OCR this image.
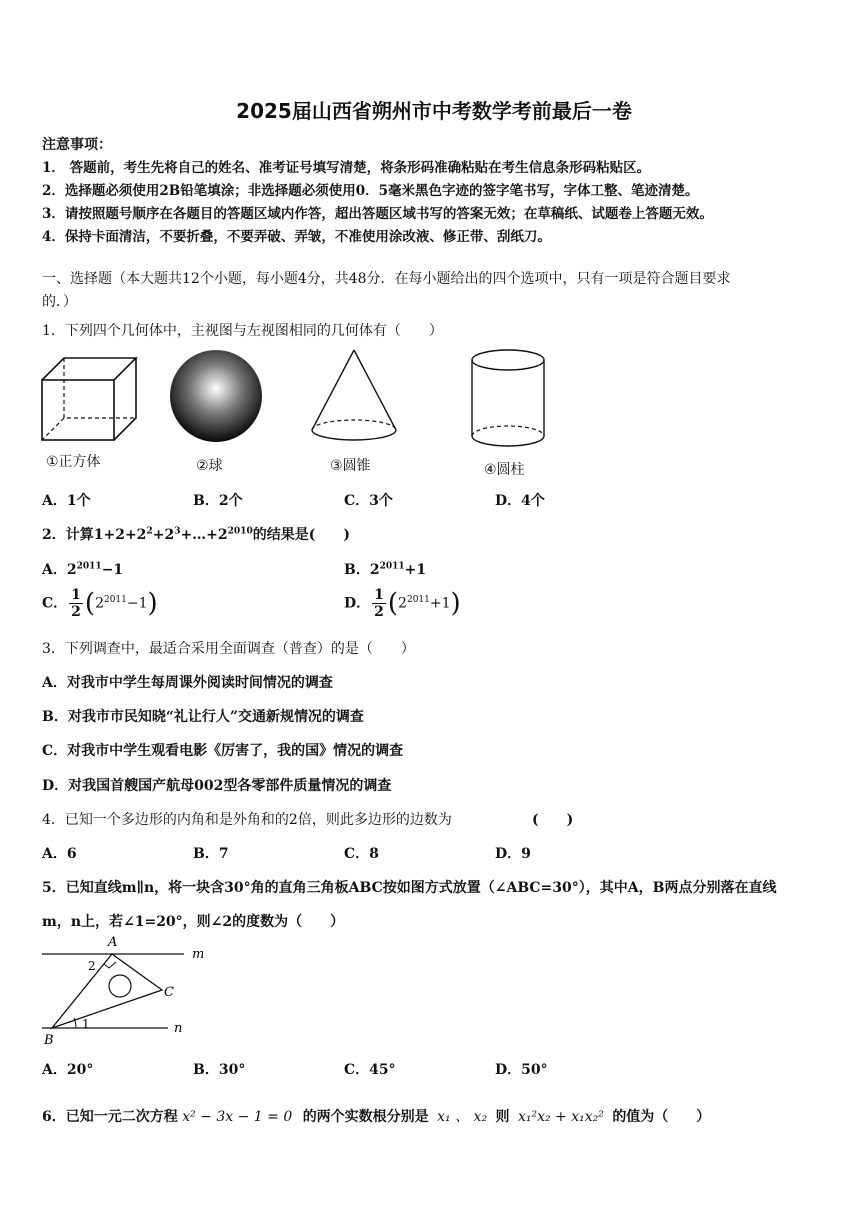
2025届山西省朔州市中考数学考前最后一卷
注意事项：
1． 答题前，考生先将自己的姓名、准考证号填写清楚，将条形码准确粘贴在考生信息条形码粘贴区。
2．选择题必须使用2B铅笔填涂；非选择题必须使用0．5毫米黑色字迹的签字笔书写，字体工整、笔迹清楚。
3．请按照题号顺序在各题目的答题区域内作答，超出答题区域书写的答案无效；在草稿纸、试题卷上答题无效。
4．保持卡面清洁，不要折叠，不要弄破、弄皱，不准使用涂改液、修正带、刮纸刀。
一、选择题（本大题共12个小题，每小题4分，共48分．在每小题给出的四个选项中，只有一项是符合题目要求
的．）
1．下列四个几何体中，主视图与左视图相同的几何体有（　　）
①正方体	②球	③圆锥	④圆柱
A．1个	B．2个	C．3个	D．4个
2．计算$1+2+2^2+2^3+\dots+2^{2010}$的结果是(　　)
A．$2^{2011}-1$	B．$2^{2011}+1$
C． $\frac{1}{2} (2^{2011}-1)$	D． $\frac{1}{2} (2^{2011}+1)$
3．下列调查中，最适合采用全面调查（普查）的是（　　）
A．对我市中学生每周课外阅读时间情况的调查
B．对我市市民知晓“礼让行人”交通新规情况的调查
C．对我市中学生观看电影《厉害了，我的国》情况的调查
D．对我国首艘国产航母002型各零部件质量情况的调查
4．已知一个多边形的内角和是外角和的2倍，则此多边形的边数为	(　　)
A．6	B．7	C．8	D．9
5．已知直线m∥n，将一块含30°角的直角三角板ABC按如图方式放置（∠ABC=30°），其中A，B两点分别落在直线
m，n上，若∠1=20°，则∠2的度数为（　　）
A
B
C
m
n
1
2
A．20°	B．30°	C．45°	D．50°
6．已知一元二次方程 x² − 3x − 1 = 0 的两个实数根分别是 x₁ 、 x₂ 则 x₁²x₂ + x₁x₂² 的值为（　　）
